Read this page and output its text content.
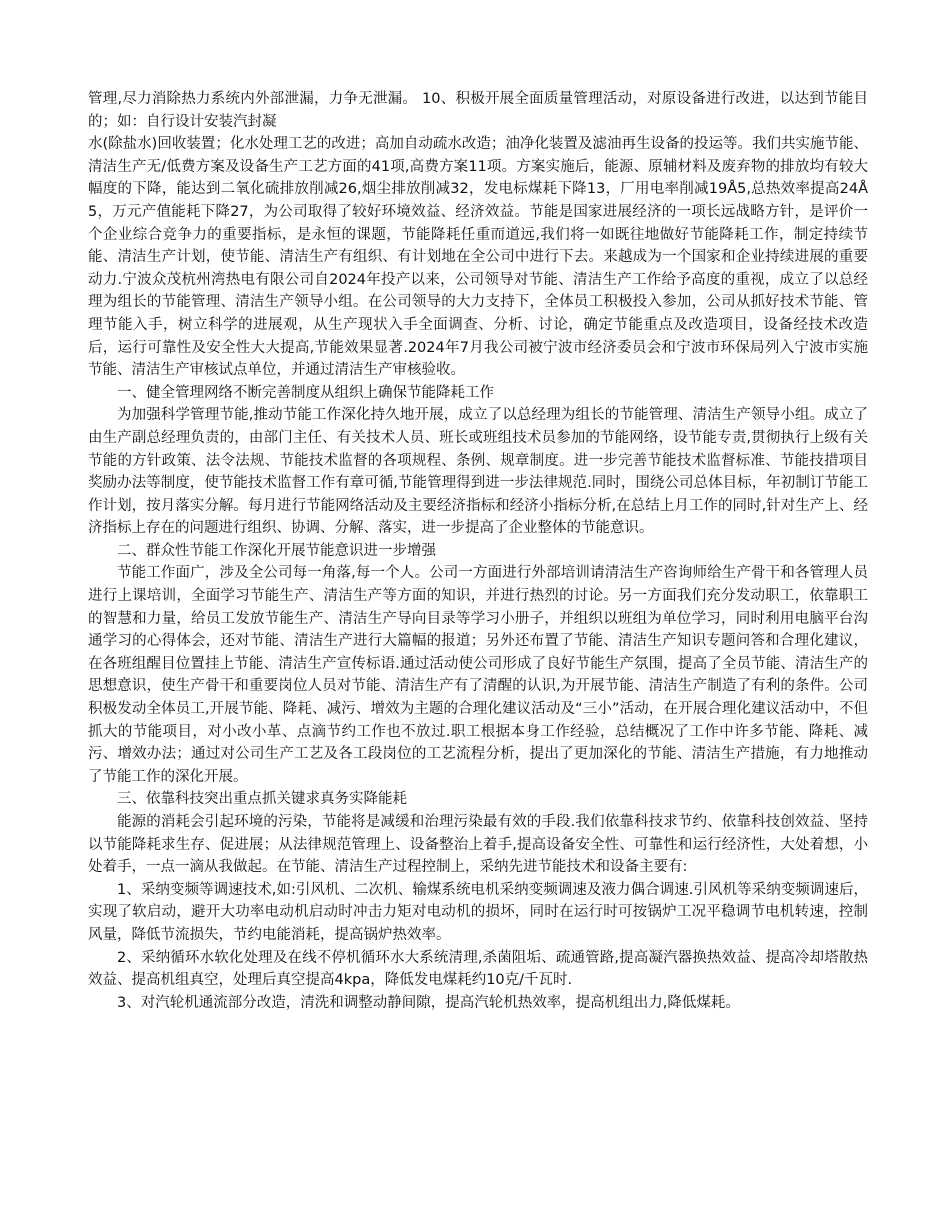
管理,尽力消除热力系统内外部泄漏，力争无泄漏。 10、积极开展全面质量管理活动，对原设备进行改进，以达到节能目的；如：自行设计安装汽封凝

水(除盐水)回收装置；化水处理工艺的改进；高加自动疏水改造；油净化装置及滤油再生设备的投运等。我们共实施节能、清洁生产无/低费方案及设备生产工艺方面的41项,高费方案11项。方案实施后，能源、原辅材料及废弃物的排放均有较大幅度的下降，能达到二氧化硫排放削减26,烟尘排放削减32，发电标煤耗下降13，厂用电率削减19Å5,总热效率提高24Å5，万元产值能耗下降27，为公司取得了较好环境效益、经济效益。节能是国家进展经济的一项长远战略方针，是评价一个企业综合竞争力的重要指标，是永恒的课题，节能降耗任重而道远,我们将一如既往地做好节能降耗工作，制定持续节能、清洁生产计划，使节能、清洁生产有组织、有计划地在全公司中进行下去。来越成为一个国家和企业持续进展的重要动力.宁波众茂杭州湾热电有限公司自2024年投产以来，公司领导对节能、清洁生产工作给予高度的重视，成立了以总经理为组长的节能管理、清洁生产领导小组。在公司领导的大力支持下，全体员工积极投入参加，公司从抓好技术节能、管理节能入手，树立科学的进展观，从生产现状入手全面调查、分析、讨论，确定节能重点及改造项目，设备经技术改造后，运行可靠性及安全性大大提高,节能效果显著.2024年7月我公司被宁波市经济委员会和宁波市环保局列入宁波市实施节能、清洁生产审核试点单位，并通过清洁生产审核验收。

一、健全管理网络不断完善制度从组织上确保节能降耗工作

为加强科学管理节能,推动节能工作深化持久地开展，成立了以总经理为组长的节能管理、清洁生产领导小组。成立了由生产副总经理负责的，由部门主任、有关技术人员、班长或班组技术员参加的节能网络，设节能专责,贯彻执行上级有关节能的方针政策、法令法规、节能技术监督的各项规程、条例、规章制度。进一步完善节能技术监督标准、节能技措项目奖励办法等制度，使节能技术监督工作有章可循,节能管理得到进一步法律规范.同时，围绕公司总体目标，年初制订节能工作计划，按月落实分解。每月进行节能网络活动及主要经济指标和经济小指标分析,在总结上月工作的同时,针对生产上、经济指标上存在的问题进行组织、协调、分解、落实，进一步提高了企业整体的节能意识。

二、群众性节能工作深化开展节能意识进一步增强

节能工作面广，涉及全公司每一角落,每一个人。公司一方面进行外部培训请清洁生产咨询师给生产骨干和各管理人员进行上课培训，全面学习节能生产、清洁生产等方面的知识，并进行热烈的讨论。另一方面我们充分发动职工，依靠职工的智慧和力量，给员工发放节能生产、清洁生产导向目录等学习小册子，并组织以班组为单位学习，同时利用电脑平台沟通学习的心得体会，还对节能、清洁生产进行大篇幅的报道；另外还布置了节能、清洁生产知识专题问答和合理化建议，在各班组醒目位置挂上节能、清洁生产宣传标语.通过活动使公司形成了良好节能生产氛围，提高了全员节能、清洁生产的思想意识，使生产骨干和重要岗位人员对节能、清洁生产有了清醒的认识,为开展节能、清洁生产制造了有利的条件。公司积极发动全体员工,开展节能、降耗、减污、增效为主题的合理化建议活动及“三小”活动，在开展合理化建议活动中，不但抓大的节能项目，对小改小革、点滴节约工作也不放过.职工根据本身工作经验，总结概况了工作中许多节能、降耗、减污、增效办法；通过对公司生产工艺及各工段岗位的工艺流程分析，提出了更加深化的节能、清洁生产措施，有力地推动了节能工作的深化开展。

三、依靠科技突出重点抓关键求真务实降能耗

能源的消耗会引起环境的污染，节能将是减缓和治理污染最有效的手段.我们依靠科技求节约、依靠科技创效益、坚持以节能降耗求生存、促进展；从法律规范管理上、设备整治上着手,提高设备安全性、可靠性和运行经济性，大处着想，小处着手，一点一滴从我做起。在节能、清洁生产过程控制上，采纳先进节能技术和设备主要有:

1、采纳变频等调速技术,如:引风机、二次机、输煤系统电机采纳变频调速及液力偶合调速.引风机等采纳变频调速后，实现了软启动，避开大功率电动机启动时冲击力矩对电动机的损坏，同时在运行时可按锅炉工况平稳调节电机转速，控制风量，降低节流损失，节约电能消耗，提高锅炉热效率。

2、采纳循环水软化处理及在线不停机循环水大系统清理,杀菌阻垢、疏通管路,提高凝汽器换热效益、提高冷却塔散热效益、提高机组真空，处理后真空提高4kpa，降低发电煤耗约10克/千瓦时.

3、对汽轮机通流部分改造，清洗和调整动静间隙，提高汽轮机热效率，提高机组出力,降低煤耗。
